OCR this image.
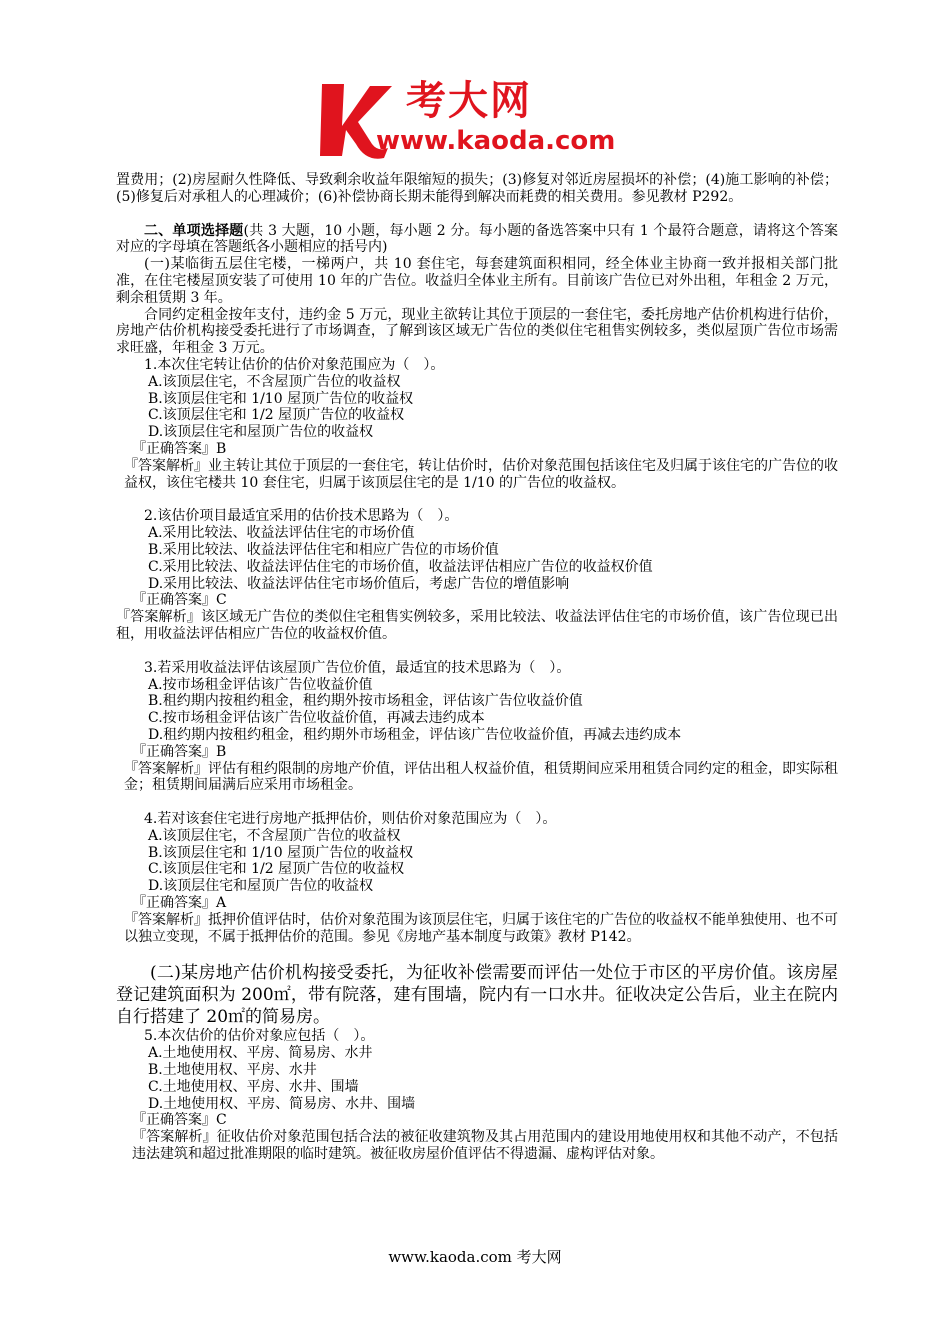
考大网
www.kaoda.com

置费用；(2)房屋耐久性降低、导致剩余收益年限缩短的损失；(3)修复对邻近房屋损坏的补偿；(4)施工影响的补偿；(5)修复后对承租人的心理减价；(6)补偿协商长期未能得到解决而耗费的相关费用。参见教材 P292。

二、单项选择题(共 3 大题，10 小题，每小题 2 分。每小题的备选答案中只有 1 个最符合题意，请将这个答案对应的字母填在答题纸各小题相应的括号内)

(一)某临街五层住宅楼，一梯两户，共 10 套住宅，每套建筑面积相同，经全体业主协商一致并报相关部门批准，在住宅楼屋顶安装了可使用 10 年的广告位。收益归全体业主所有。目前该广告位已对外出租，年租金 2 万元，剩余租赁期 3 年。

合同约定租金按年支付，违约金 5 万元，现业主欲转让其位于顶层的一套住宅，委托房地产估价机构进行估价，房地产估价机构接受委托进行了市场调查，了解到该区域无广告位的类似住宅租售实例较多，类似屋顶广告位市场需求旺盛，年租金 3 万元。

1.本次住宅转让估价的估价对象范围应为（　）。

A.该顶层住宅，不含屋顶广告位的收益权

B.该顶层住宅和 1/10 屋顶广告位的收益权

C.该顶层住宅和 1/2 屋顶广告位的收益权

D.该顶层住宅和屋顶广告位的收益权

『正确答案』B

『答案解析』业主转让其位于顶层的一套住宅，转让估价时，估价对象范围包括该住宅及归属于该住宅的广告位的收益权，该住宅楼共 10 套住宅，归属于该顶层住宅的是 1/10 的广告位的收益权。

2.该估价项目最适宜采用的估价技术思路为（　）。

A.采用比较法、收益法评估住宅的市场价值

B.采用比较法、收益法评估住宅和相应广告位的市场价值

C.采用比较法、收益法评估住宅的市场价值，收益法评估相应广告位的收益权价值

D.采用比较法、收益法评估住宅市场价值后，考虑广告位的增值影响

『正确答案』C

『答案解析』该区域无广告位的类似住宅租售实例较多，采用比较法、收益法评估住宅的市场价值，该广告位现已出租，用收益法评估相应广告位的收益权价值。

3.若采用收益法评估该屋顶广告位价值，最适宜的技术思路为（　）。

A.按市场租金评估该广告位收益价值

B.租约期内按租约租金，租约期外按市场租金，评估该广告位收益价值

C.按市场租金评估该广告位收益价值，再减去违约成本

D.租约期内按租约租金，租约期外市场租金，评估该广告位收益价值，再减去违约成本

『正确答案』B

『答案解析』评估有租约限制的房地产价值，评估出租人权益价值，租赁期间应采用租赁合同约定的租金，即实际租金；租赁期间届满后应采用市场租金。

4.若对该套住宅进行房地产抵押估价，则估价对象范围应为（　）。

A.该顶层住宅，不含屋顶广告位的收益权

B.该顶层住宅和 1/10 屋顶广告位的收益权

C.该顶层住宅和 1/2 屋顶广告位的收益权

D.该顶层住宅和屋顶广告位的收益权

『正确答案』A

『答案解析』抵押价值评估时，估价对象范围为该顶层住宅，归属于该住宅的广告位的收益权不能单独使用、也不可以独立变现，不属于抵押估价的范围。参见《房地产基本制度与政策》教材 P142。

(二)某房地产估价机构接受委托，为征收补偿需要而评估一处位于市区的平房价值。该房屋登记建筑面积为 200㎡，带有院落，建有围墙，院内有一口水井。征收决定公告后，业主在院内自行搭建了 20㎡的简易房。

5.本次估价的估价对象应包括（　）。

A.土地使用权、平房、简易房、水井

B.土地使用权、平房、水井

C.土地使用权、平房、水井、围墙

D.土地使用权、平房、简易房、水井、围墙

『正确答案』C

『答案解析』征收估价对象范围包括合法的被征收建筑物及其占用范围内的建设用地使用权和其他不动产，不包括违法建筑和超过批准期限的临时建筑。被征收房屋价值评估不得遗漏、虚构评估对象。

www.kaoda.com 考大网
